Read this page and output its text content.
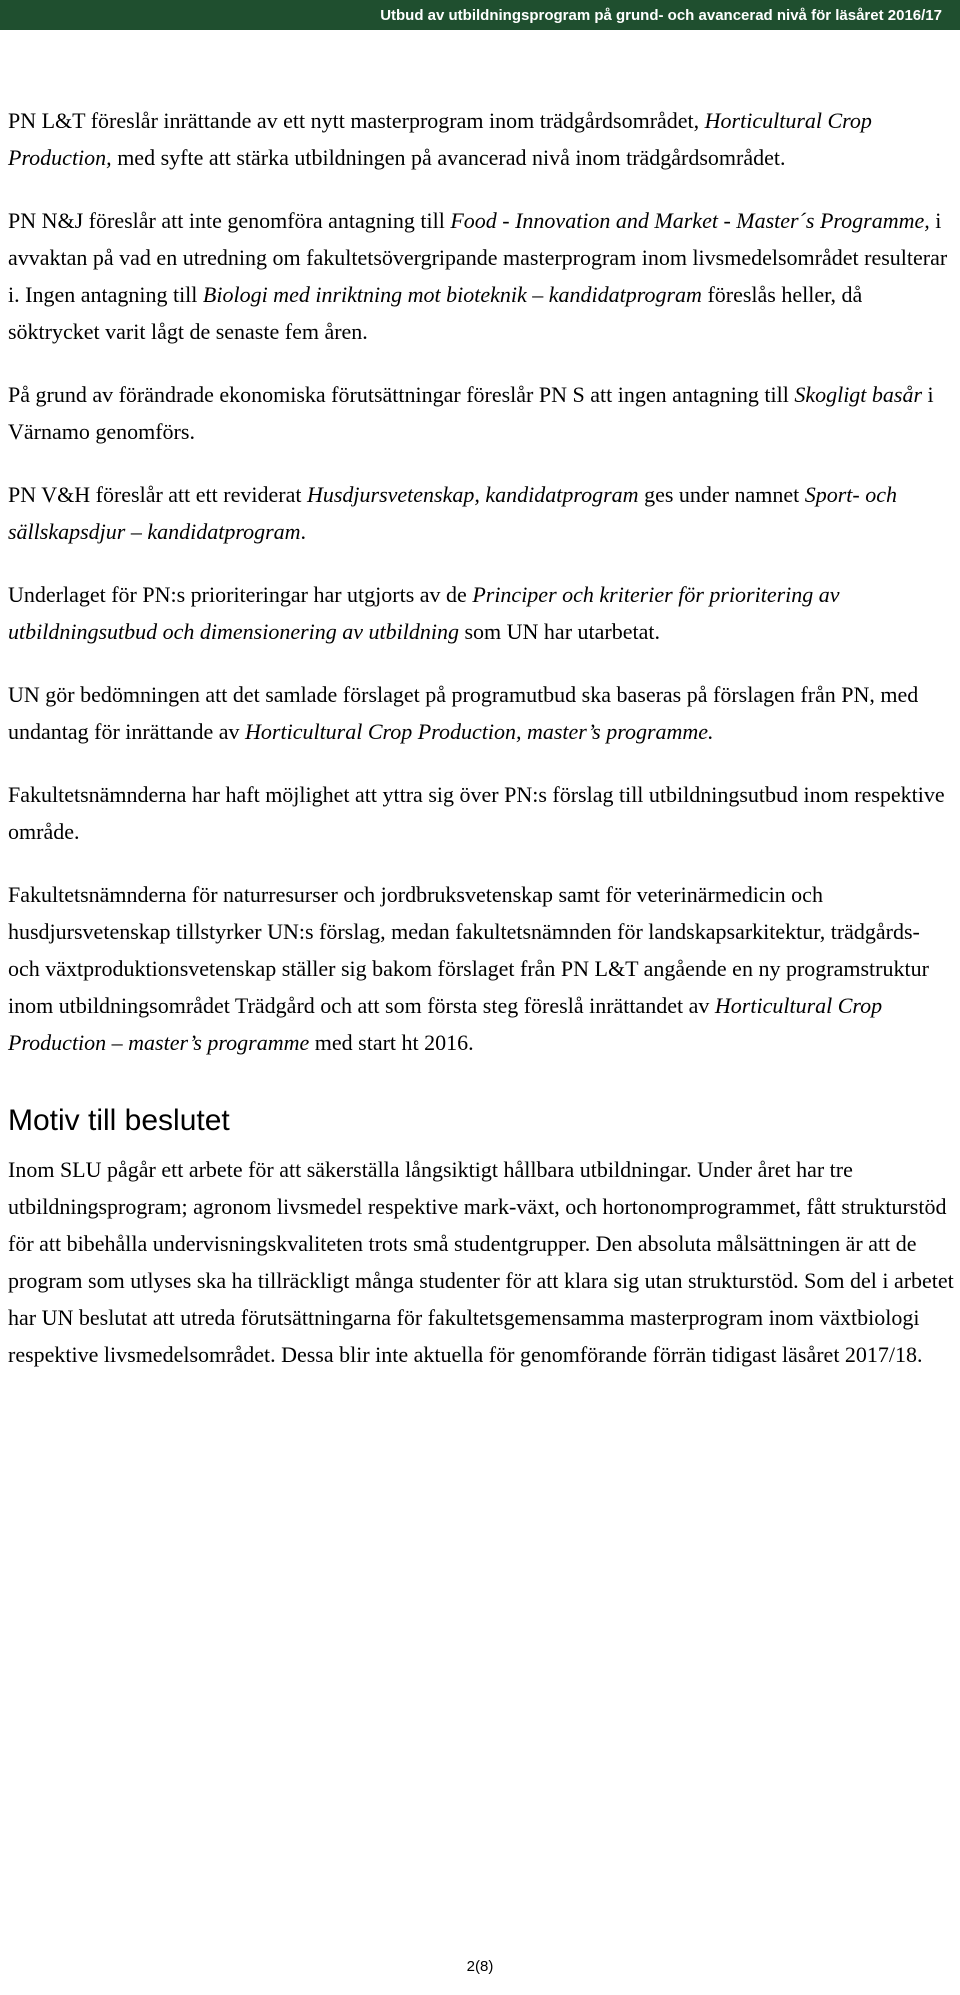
Utbud av utbildningsprogram på grund- och avancerad nivå för läsåret 2016/17

PN L&T föreslår inrättande av ett nytt masterprogram inom trädgårdsområdet, Horticultural Crop Production, med syfte att stärka utbildningen på avancerad nivå inom trädgårdsområdet.

PN N&J föreslår att inte genomföra antagning till Food - Innovation and Market - Master´s Programme, i avvaktan på vad en utredning om fakultetsövergripande masterprogram inom livsmedelsområdet resulterar i. Ingen antagning till Biologi med inriktning mot bioteknik – kandidatprogram föreslås heller, då söktrycket varit lågt de senaste fem åren.

På grund av förändrade ekonomiska förutsättningar föreslår PN S att ingen antagning till Skogligt basår i Värnamo genomförs.

PN V&H föreslår att ett reviderat Husdjursvetenskap, kandidatprogram ges under namnet Sport- och sällskapsdjur – kandidatprogram.

Underlaget för PN:s prioriteringar har utgjorts av de Principer och kriterier för prioritering av utbildningsutbud och dimensionering av utbildning som UN har utarbetat.

UN gör bedömningen att det samlade förslaget på programutbud ska baseras på förslagen från PN, med undantag för inrättande av Horticultural Crop Production, master’s programme.

Fakultetsnämnderna har haft möjlighet att yttra sig över PN:s förslag till utbildningsutbud inom respektive område.

Fakultetsnämnderna för naturresurser och jordbruksvetenskap samt för veterinärmedicin och husdjursvetenskap tillstyrker UN:s förslag, medan fakultetsnämnden för landskapsarkitektur, trädgårds- och växtproduktionsvetenskap ställer sig bakom förslaget från PN L&T angående en ny programstruktur inom utbildningsområdet Trädgård och att som första steg föreslå inrättandet av Horticultural Crop Production – master’s programme med start ht 2016.

Motiv till beslutet

Inom SLU pågår ett arbete för att säkerställa långsiktigt hållbara utbildningar. Under året har tre utbildningsprogram; agronom livsmedel respektive mark-växt, och hortonomprogrammet, fått strukturstöd för att bibehålla undervisningskvaliteten trots små studentgrupper. Den absoluta målsättningen är att de program som utlyses ska ha tillräckligt många studenter för att klara sig utan strukturstöd. Som del i arbetet har UN beslutat att utreda förutsättningarna för fakultetsgemensamma masterprogram inom växtbiologi respektive livsmedelsområdet. Dessa blir inte aktuella för genomförande förrän tidigast läsåret 2017/18.

2(8)
